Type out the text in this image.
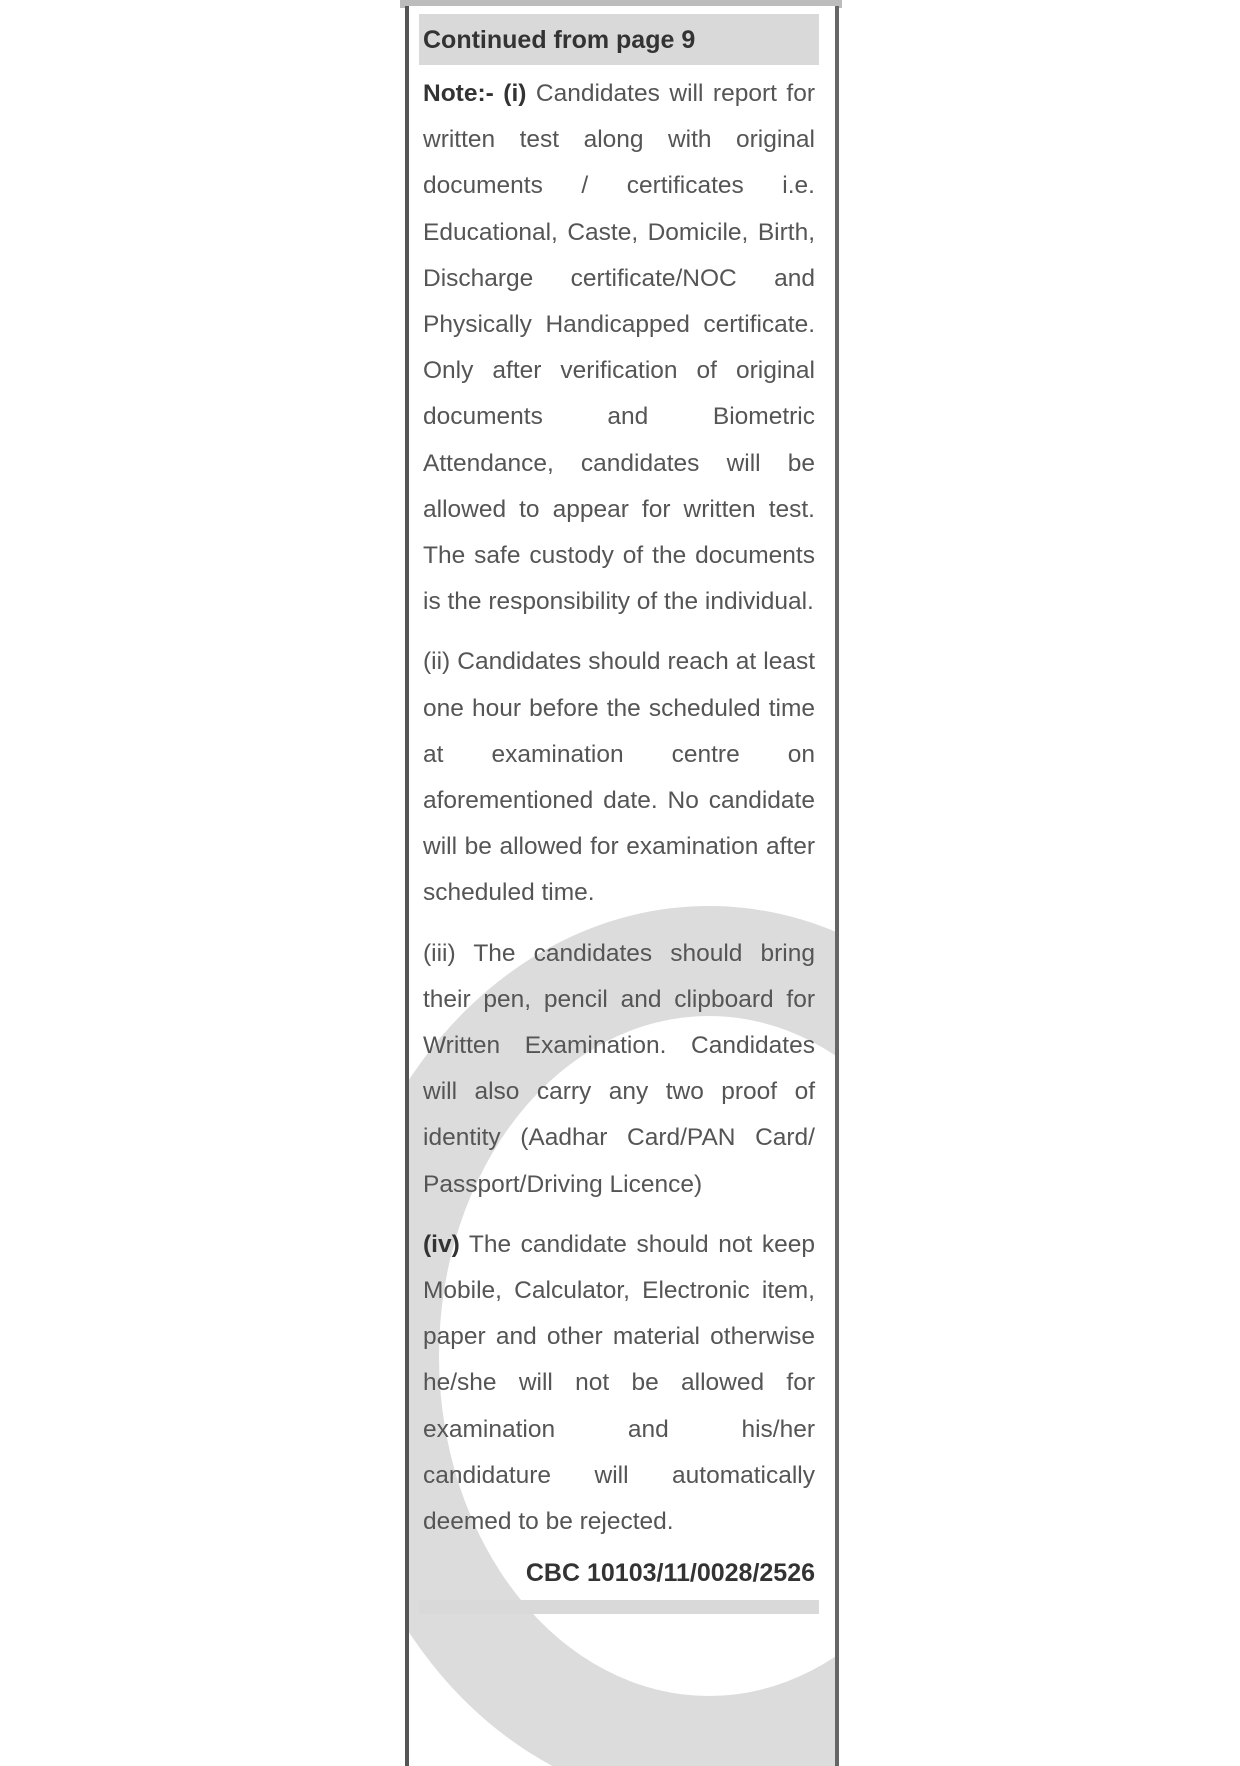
Continued from page 9

Note:- (i) Candidates will report for written test along with original documents / certificates i.e. Educational, Caste, Domicile, Birth, Discharge certificate/NOC and Physically Handicapped certificate. Only after verification of original documents and Biometric Attendance, candidates will be allowed to appear for written test. The safe custody of the documents is the responsibility of the individual.

(ii) Candidates should reach at least one hour before the scheduled time at examination centre on aforementioned date. No candidate will be allowed for examination after scheduled time.

(iii) The candidates should bring their pen, pencil and clipboard for Written Examination. Candidates will also carry any two proof of identity (Aadhar Card/PAN Card/ Passport/Driving Licence)

(iv) The candidate should not keep Mobile, Calculator, Electronic item, paper and other material otherwise he/she will not be allowed for examination and his/her candidature will automatically deemed to be rejected.

CBC 10103/11/0028/2526
